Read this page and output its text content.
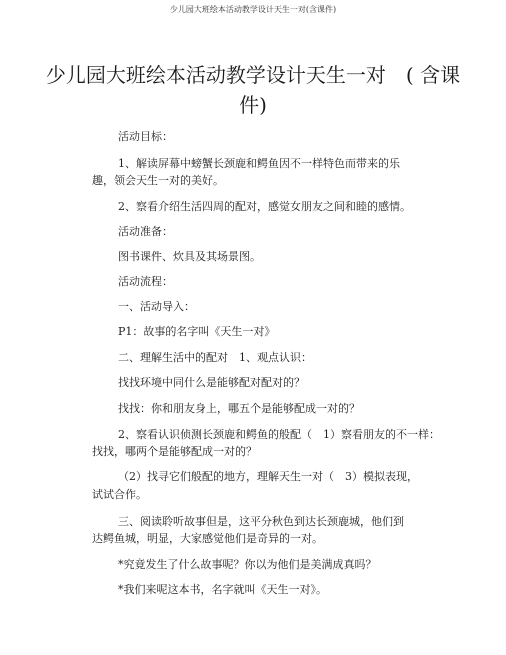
少儿园大班绘本活动教学设计天生一对(含课件)
少儿园大班绘本活动教学设计天生一对　( 含课件)
活动目标：
1、解读屏幕中螃蟹长颈鹿和鳄鱼因不一样特色而带来的乐
趣，领会天生一对的美好。
2、察看介绍生活四周的配对，感觉女朋友之间和睦的感情。
活动准备：
图书课件、炊具及其场景图。
活动流程：
一、活动导入：
P1：故事的名字叫《天生一对》
二、理解生活中的配对　1、观点认识：
找找环境中同什么是能够配对配对的？
找找：你和朋友身上，哪五个是能够配成一对的？
2、察看认识侦测长颈鹿和鳄鱼的般配（　1）察看朋友的不一样：
找找，哪两个是能够配成一对的？
（2）找寻它们般配的地方，理解天生一对（　3）模拟表现，
试试合作。
三、阅读聆听故事但是，这平分秋色到达长颈鹿城，他们到
达鳄鱼城，明显，大家感觉他们是奇异的一对。
*究竟发生了什么故事呢？你以为他们是美满成真吗？
*我们来呢这本书，名字就叫《天生一对》。
